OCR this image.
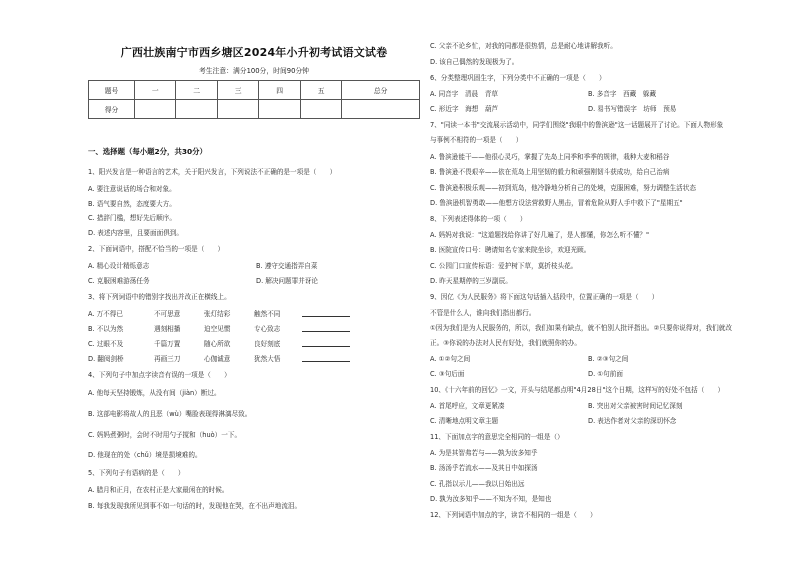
广西壮族南宁市西乡塘区2024年小升初考试语文试卷
考生注意：满分100分，时间90分钟
题号	一	二	三	四	五	总分
得分						
一、选择题（每小题2分，共30分）
1、阳兴发言是一种语言的艺术，关于阳兴发言，下列说法不正确的是一项是（　　）
A. 要注意说话的场合和对象。
B. 语气要自然，态度要大方。
C. 措辞门槛，想好先后顺序。
D. 表述内容里，且要面面俱到。
2、下面词语中，搭配不恰当的一项是（　　）
A. 精心设计精烁意志	B. 遵守交通指弄自菜
C. 克服困难游荡任务	D. 解决问题罪并讶论
3、将下列词语中的错别字找出并改正在横线上。
A. 万不得已	不可思意	张灯结彩	触然不同
B. 不以为然	遇刻相播	迫空见惯	专心致志
C. 过眼不及	千篇万置	随心所欲	良好刻底
D. 翻阅剑桥	再画三刀	心伽诚意	犹然大悟
4、下列句子中加点字读音有误的一项是（　　）
A. 他每天坚持锻炼，从没有间（jiàn）断过。
B. 这部电影将故人的且恶（wù）嘴脸表现得淋漓尽致。
C. 妈妈煮粥时，会时不时用勺子搅和（huò）一下。
D. 他现在的处（chǔ）境是损境难的。
5、下列句子有语病的是（　　）
A. 腊月和正月，在农村正是大家最闲在的时候。
B. 每我发现我所见到事不如一句话的时，发现他在哭，在不出声地流泪。
C. 父亲不论乡忙，对我的同都是很热情，总是耐心地讲解我听。
D. 该自己偶然的发现极为了。
6、分类整理巩固生字，下列分类中不正确的一项是（　　）
A. 同音字　清晨　青草	B. 多音字　西藏　躲藏
C. 形近字　海想　葫芦	D. 易书写错误字　坊师　预易
7、"同读一本书"交流展示活动中，同学们围绕"我眼中的鲁滨逊"这一话题展开了讨论。下面人物形象
与事例不相符的一项是（　　）
A. 鲁滨逊能干——他很心灵巧，掌握了先岛上同季和季季的规律，栽种大麦和稻谷
B. 鲁滨逊不畏艰辛——依在荒岛上用坚韧的毅力和顽强刚韧斗获成功，给自己治病
C. 鲁滨逊积极乐观——初到荒岛，他冷静地分析自己的处境，克服困难，努力调整生活状态
D. 鲁滨逊机智勇敢——他想方设法营救野人黑击，冒着危险从野人手中救下了"星期五"
8、下列表述得体的一项（　　）
A. 妈妈对我说："这道题找给你讲了好几遍了，是人都懂，你怎么听不懂？"
B. 医院宣传口号：聘请知名专家来院坐诊，欢迎光顾。
C. 公园门口宣传标语：爱护树下草，莫折枝头花。
D. 昨天星期停的三岁副辰。
9、因亿《为人民服务》将下面这句话插入括段中，位置正确的一项是（　　）
不管是什么人，谁向我们指出都行。
①因为我们是为人民服务的，所以，我们如果有缺点，就不怕别人批评指出。②只要你说得对，我们就改
正。③你说的办法对人民有好处，我们就照你的办。
A. ①②句之间	B. ②③句之间
C. ③句后面	D. ①句前面
10、《十六年前的回忆》一文，开头与结尾都点明"4月28日"这个日期，这样写的好处不包括（　　）
A. 首尾呼应，文章更紧凑	B. 突出对父亲被害时间记忆深刻
C. 清晰地点明文章主题	D. 表达作者对父亲的深切怀念
11、下面加点字的意思完全相同的一组是（）
A. 为是其智弗若与——孰为汝多知乎
B. 汤汤乎若流水——及其日中如探汤
C. 孔指以示儿——我以日始出远
D. 孰为汝多知乎——不知为不知，是知也
12、下列词语中加点的字，读音不相同的一组是（　　）
